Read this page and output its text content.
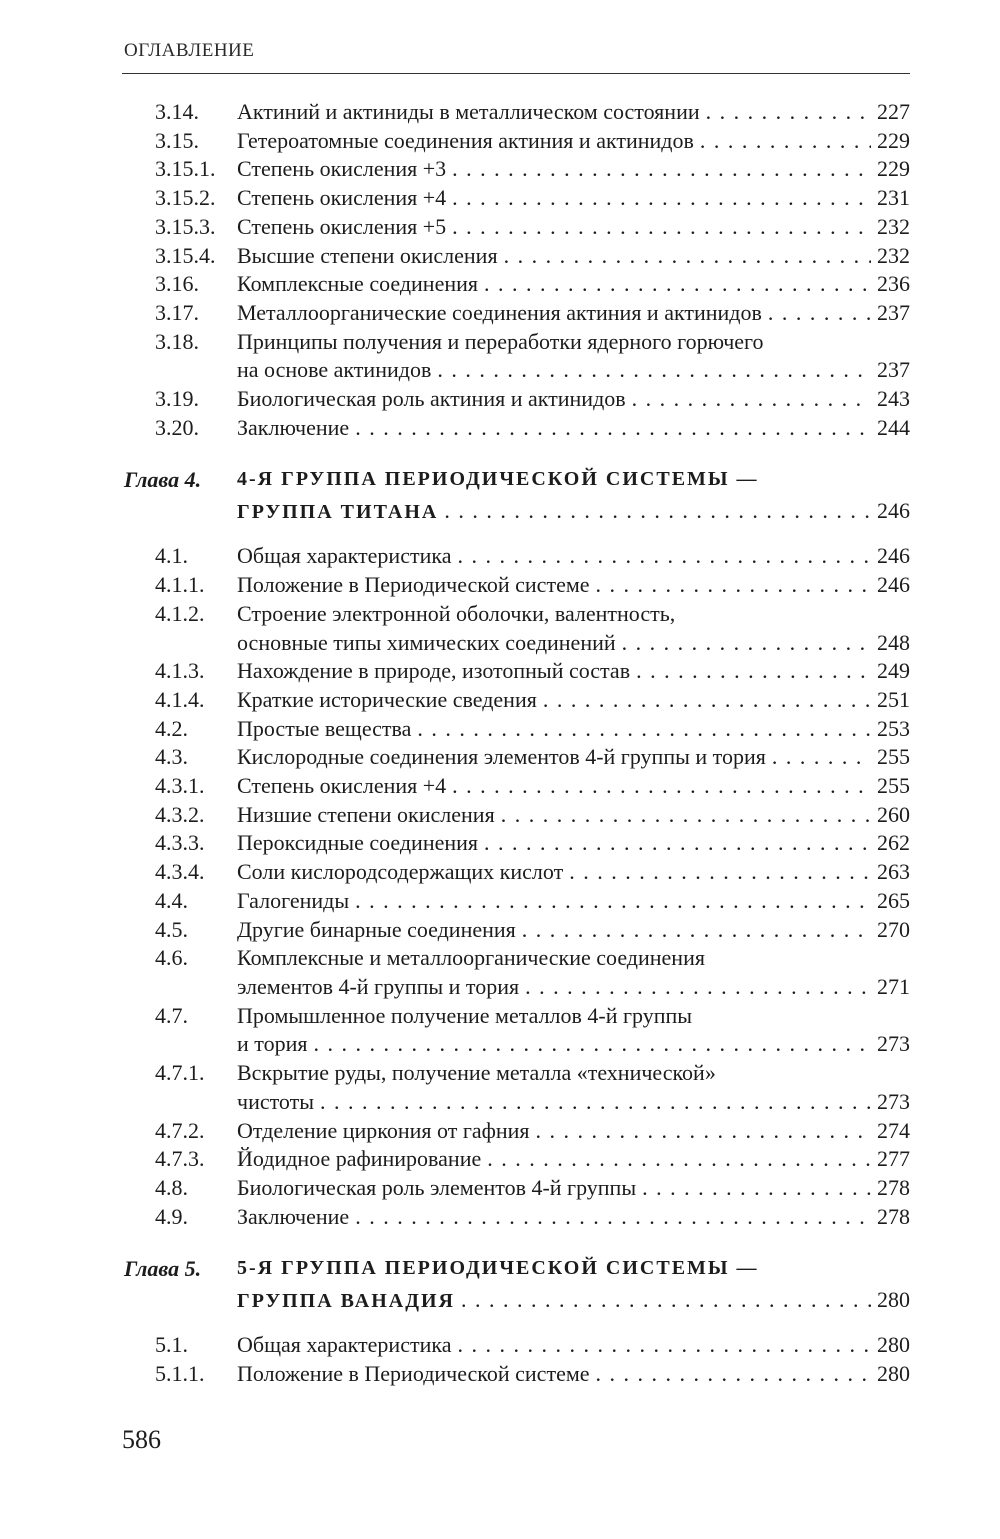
ОГЛАВЛЕНИЕ
3.14. Актиний и актиниды в металлическом состоянии . . .	227
3.15. Гетероатомные соединения актиния и актинидов . . .	229
3.15.1. Степень окисления +3 . . .	229
3.15.2. Степень окисления +4 . . .	231
3.15.3. Степень окисления +5 . . .	232
3.15.4. Высшие степени окисления . . .	232
3.16. Комплексные соединения . . .	236
3.17. Металлоорганические соединения актиния и актинидов . . .	237
3.18. Принципы получения и переработки ядерного горючего
на основе актинидов . . .	237
3.19. Биологическая роль актиния и актинидов . . .	243
3.20. Заключение . . .	244
Глава 4. 4-Я ГРУППА ПЕРИОДИЧЕСКОЙ СИСТЕМЫ —
ГРУППА ТИТАНА . . .	246
4.1. Общая характеристика . . .	246
4.1.1. Положение в Периодической системе . . .	246
4.1.2. Строение электронной оболочки, валентность,
основные типы химических соединений . . .	248
4.1.3. Нахождение в природе, изотопный состав . . .	249
4.1.4. Краткие исторические сведения . . .	251
4.2. Простые вещества . . .	253
4.3. Кислородные соединения элементов 4-й группы и тория . . .	255
4.3.1. Степень окисления +4 . . .	255
4.3.2. Низшие степени окисления . . .	260
4.3.3. Пероксидные соединения . . .	262
4.3.4. Соли кислородсодержащих кислот . . .	263
4.4. Галогениды . . .	265
4.5. Другие бинарные соединения . . .	270
4.6. Комплексные и металлоорганические соединения
элементов 4-й группы и тория . . .	271
4.7. Промышленное получение металлов 4-й группы
и тория . . .	273
4.7.1. Вскрытие руды, получение металла «технической»
чистоты . . .	273
4.7.2. Отделение циркония от гафния . . .	274
4.7.3. Йодидное рафинирование . . .	277
4.8. Биологическая роль элементов 4-й группы . . .	278
4.9. Заключение . . .	278
Глава 5. 5-Я ГРУППА ПЕРИОДИЧЕСКОЙ СИСТЕМЫ —
ГРУППА ВАНАДИЯ . . .	280
5.1. Общая характеристика . . .	280
5.1.1. Положение в Периодической системе . . .	280
586
